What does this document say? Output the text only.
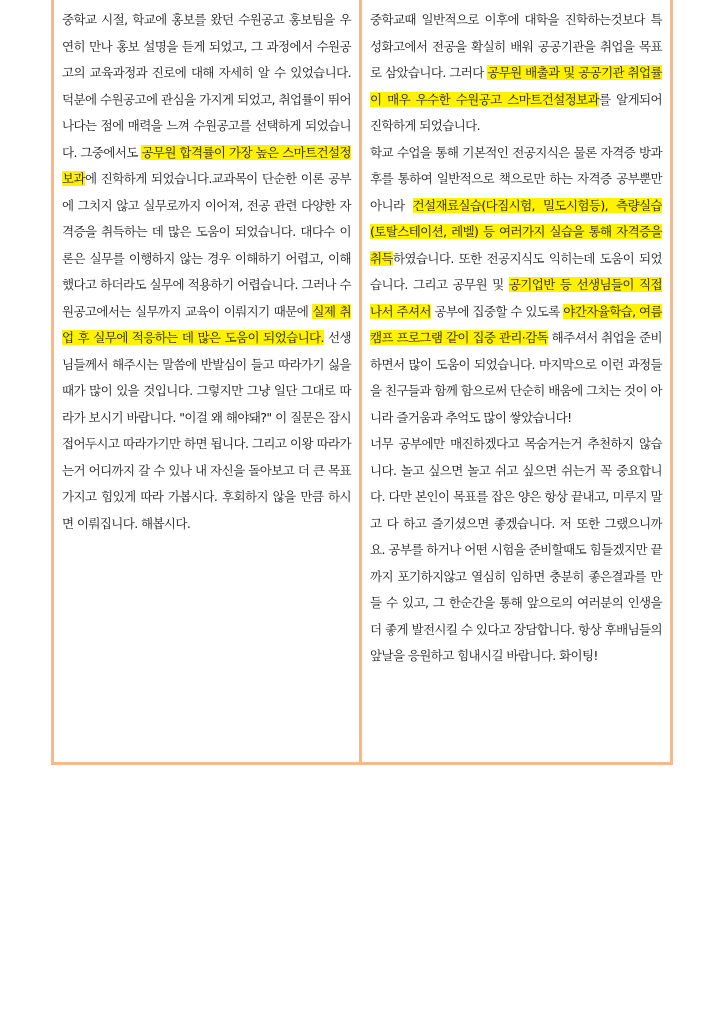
중학교 시절, 학교에 홍보를 왔던 수원공고 홍보팀을 우연히 만나 홍보 설명을 듣게 되었고, 그 과정에서 수원공고의 교육과정과 진로에 대해 자세히 알 수 있었습니다. 덕분에 수원공고에 관심을 가지게 되었고, 취업률이 뛰어나다는 점에 매력을 느껴 수원공고를 선택하게 되었습니다. 그중에서도 공무원 합격률이 가장 높은 스마트건설정보과에 진학하게 되었습니다.교과목이 단순한 이론 공부에 그치지 않고 실무로까지 이어져, 전공 관련 다양한 자격증을 취득하는 데 많은 도움이 되었습니다. 대다수 이론은 실무를 이행하지 않는 경우 이해하기 어렵고, 이해했다고 하더라도 실무에 적용하기 어렵습니다. 그러나 수원공고에서는 실무까지 교육이 이뤄지기 때문에 실제 취업 후 실무에 적응하는 데 많은 도움이 되었습니다. 선생님들께서 해주시는 말씀에 반발심이 들고 따라가기 싫을 때가 많이 있을 것입니다. 그렇지만 그냥 일단 그대로 따라가 보시기 바랍니다. "이걸 왜 해야돼?" 이 질문은 잠시 접어두시고 따라가기만 하면 됩니다. 그리고 이왕 따라가는거 어디까지 갈 수 있나 내 자신을 돌아보고 더 큰 목표 가지고 힘있게 따라 가봅시다. 후회하지 않을 만큼 하시면 이뤄집니다. 해봅시다.

중학교때 일반적으로 이후에 대학을 진학하는것보다 특성화고에서 전공을 확실히 배워 공공기관을 취업을 목표로 삼았습니다. 그러다 공무원 배출과 및 공공기관 취업률이 매우 우수한 수원공고 스마트건설정보과를 알게되어 진학하게 되었습니다.

학교 수업을 통해 기본적인 전공지식은 물론 자격증 방과후를 통하여 일반적으로 책으로만 하는 자격증 공부뿐만 아니라 건설재료실습(다짐시험, 밀도시험등), 측량실습(토탈스테이션, 레벨) 등 여러가지 실습을 통해 자격증을 취득하였습니다. 또한 전공지식도 익히는데 도움이 되었습니다. 그리고 공무원 및 공기업반 등 선생님들이 직접 나서 주셔서 공부에 집중할 수 있도록 야간자율학습, 여름캠프 프로그램 같이 집중 관리·감독 해주셔서 취업을 준비하면서 많이 도움이 되었습니다. 마지막으로 이런 과정들을 친구들과 함께 함으로써 단순히 배움에 그치는 것이 아니라 즐거움과 추억도 많이 쌓았습니다!

너무 공부에만 매진하겠다고 목숨거는거 추천하지 않습니다. 놀고 싶으면 놀고 쉬고 싶으면 쉬는거 꼭 중요합니다. 다만 본인이 목표를 잡은 양은 항상 끝내고, 미루지 말고 다 하고 즐기셨으면 좋겠습니다. 저 또한 그랬으니까요. 공부를 하거나 어떤 시험을 준비할때도 힘들겠지만 끝까지 포기하지않고 열심히 임하면 충분히 좋은결과를 만들 수 있고, 그 한순간을 통해 앞으로의 여러분의 인생을 더 좋게 발전시킬 수 있다고 장담합니다. 항상 후배님들의 앞날을 응원하고 힘내시길 바랍니다. 화이팅!
